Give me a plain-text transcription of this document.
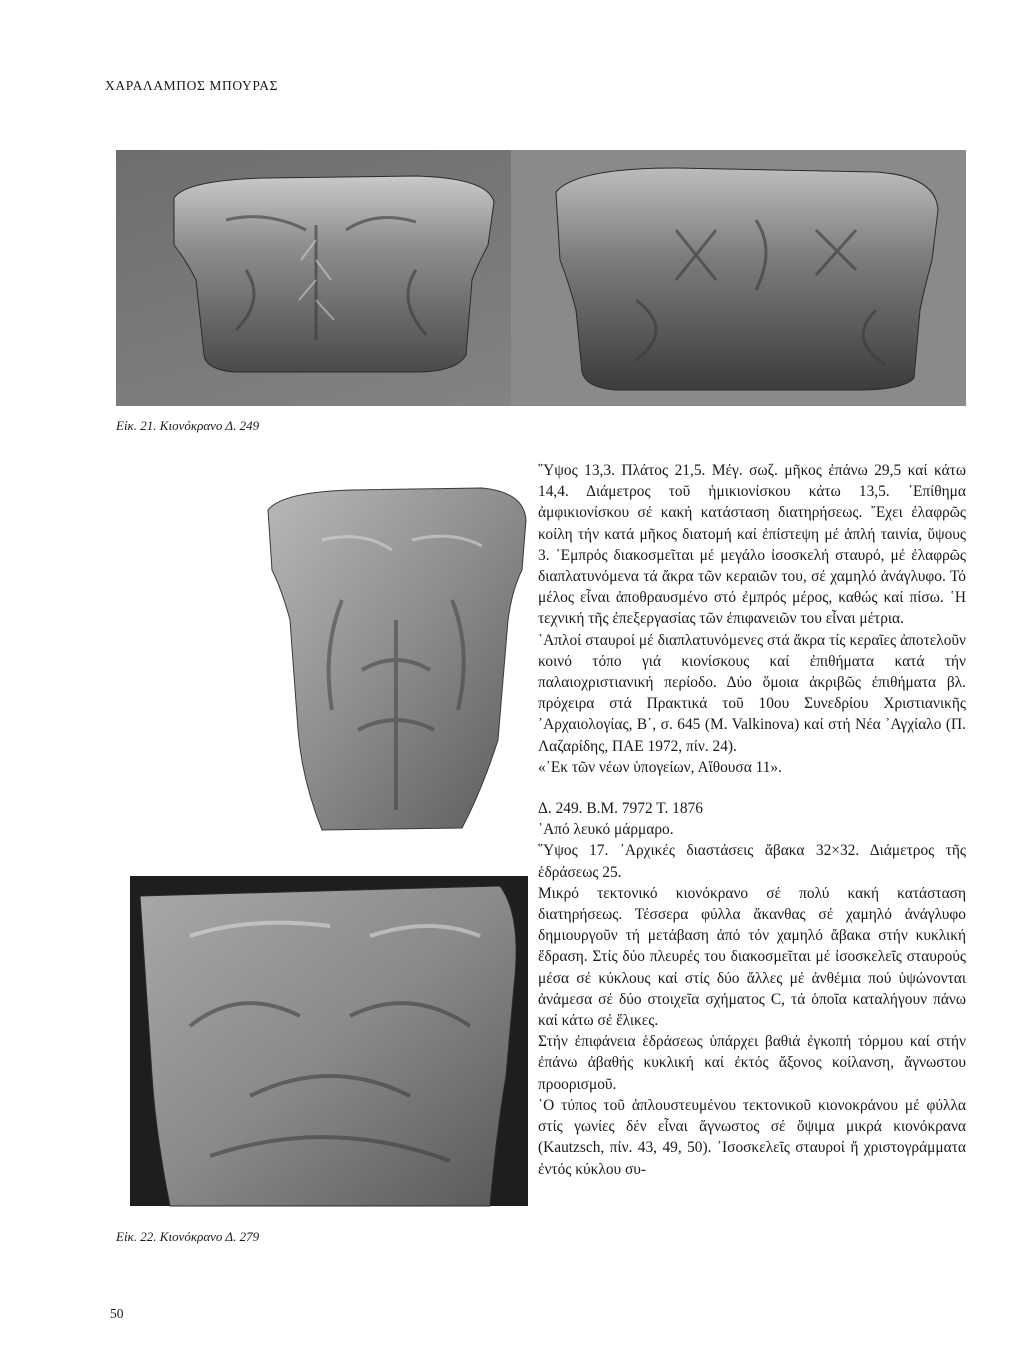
ΧΑΡΑΛΑΜΠΟΣ ΜΠΟΥΡΑΣ
Εἰκ. 21. Κιονόκρανο Δ. 249
Εἰκ. 22. Κιονόκρανο Δ. 279

῞Υψος 13,3. Πλάτος 21,5. Μέγ. σωζ. μῆκος ἐπάνω 29,5 καί κάτω 14,4. Διάμετρος τοῦ ἡμικιονίσκου κάτω 13,5. ᾿Επίθημα ἀμφικιονίσκου σέ κακή κατάσταση διατηρήσεως. ῎Εχει ἐλαφρῶς κοίλη τήν κατά μῆκος διατομή καί ἐπίστεψη μέ ἁπλή ταινία, ὕψους 3. ᾿Εμπρός διακοσμεῖται μέ μεγάλο ἰσοσκελή σταυρό, μέ ἐλαφρῶς διαπλατυνόμενα τά ἄκρα τῶν κεραιῶν του, σέ χαμηλό ἀνάγλυφο. Τό μέλος εἶναι ἀποθραυσμένο στό ἐμπρός μέρος, καθώς καί πίσω. ῾Η τεχνική τῆς ἐπεξεργασίας τῶν ἐπιφανειῶν του εἶναι μέτρια.

῾Απλοί σταυροί μέ διαπλατυνόμενες στά ἄκρα τίς κεραῖες ἀποτελοῦν κοινό τόπο γιά κιονίσκους καί ἐπιθήματα κατά τήν παλαιοχριστιανική περίοδο. Δύο ὅμοια ἀκριβῶς ἐπιθήματα βλ. πρόχειρα στά Πρακτικά τοῦ 10ου Συνεδρίου Χριστιανικῆς ᾿Αρχαιολογίας, Β΄, σ. 645 (M. Valkinova) καί στή Νέα ᾿Αγχίαλο (Π. Λαζαρίδης, ΠΑΕ 1972, πίν. 24).

«᾿Εκ τῶν νέων ὑπογείων, Αἴθουσα 11».

Δ. 249. Β.Μ. 7972 Τ. 1876

᾿Από λευκό μάρμαρο.

῞Υψος 17. ᾿Αρχικές διαστάσεις ἄβακα 32×32. Διάμετρος τῆς ἑδράσεως 25.

Μικρό τεκτονικό κιονόκρανο σέ πολύ κακή κατάσταση διατηρήσεως. Τέσσερα φύλλα ἄκανθας σέ χαμηλό ἀνάγλυφο δημιουργοῦν τή μετάβαση ἀπό τόν χαμηλό ἄβακα στήν κυκλική ἕδραση. Στίς δύο πλευρές του διακοσμεῖται μέ ἰσοσκελεῖς σταυρούς μέσα σέ κύκλους καί στίς δύο ἄλλες μέ ἀνθέμια πού ὑψώνονται ἀνάμεσα σέ δύο στοιχεῖα σχήματος C, τά ὁποῖα καταλήγουν πάνω καί κάτω σέ ἕλικες.

Στήν ἐπιφάνεια ἑδράσεως ὑπάρχει βαθιά ἐγκοπή τόρμου καί στήν ἐπάνω ἀβαθής κυκλική καί ἐκτός ἄξονος κοίλανση, ἄγνωστου προορισμοῦ.

῾Ο τύπος τοῦ ἁπλουστευμένου τεκτονικοῦ κιονοκράνου μέ φύλλα στίς γωνίες δέν εἶναι ἄγνωστος σέ ὄψιμα μικρά κιονόκρανα (Kautzsch, πίν. 43, 49, 50). ᾿Ισοσκελεῖς σταυροί ἤ χριστογράμματα ἐντός κύκλου συ-

50
